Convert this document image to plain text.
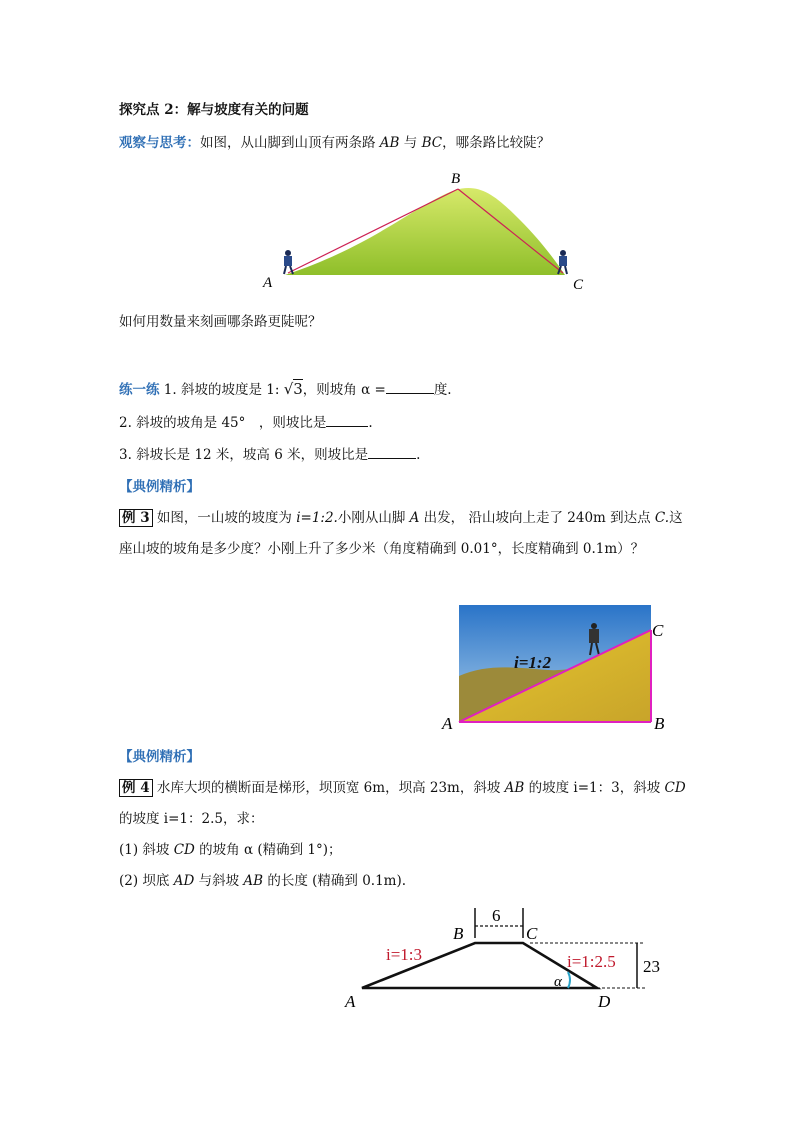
探究点 2：解与坡度有关的问题
观察与思考：如图，从山脚到山顶有两条路 AB 与 BC，哪条路比较陡？
A
B
C
如何用数量来刻画哪条路更陡呢？
练一练 1. 斜坡的坡度是 1: √3，则坡角 α =	度.
2. 斜坡的坡角是 45°　，则坡比是	.
3. 斜坡长是 12 米，坡高 6 米，则坡比是	.
【典例精析】
例 3 如图，一山坡的坡度为 i=1:2.小刚从山脚 A 出发， 沿山坡向上走了 240m 到达点 C.这
座山坡的坡角是多少度？小刚上升了多少米（角度精确到 0.01°，长度精确到 0.1m）？
i=1:2
A	B
C
【典例精析】
例 4 水库大坝的横断面是梯形，坝顶宽 6m，坝高 23m，斜坡 AB 的坡度 i=1：3，斜坡 CD
的坡度 i=1：2.5，求：
(1) 斜坡 CD 的坡角 α (精确到 1°)；
(2) 坝底 AD 与斜坡 AB 的长度 (精确到 0.1m).
6
23
α
i=1:3	i=1:2.5
A
B	C
D
